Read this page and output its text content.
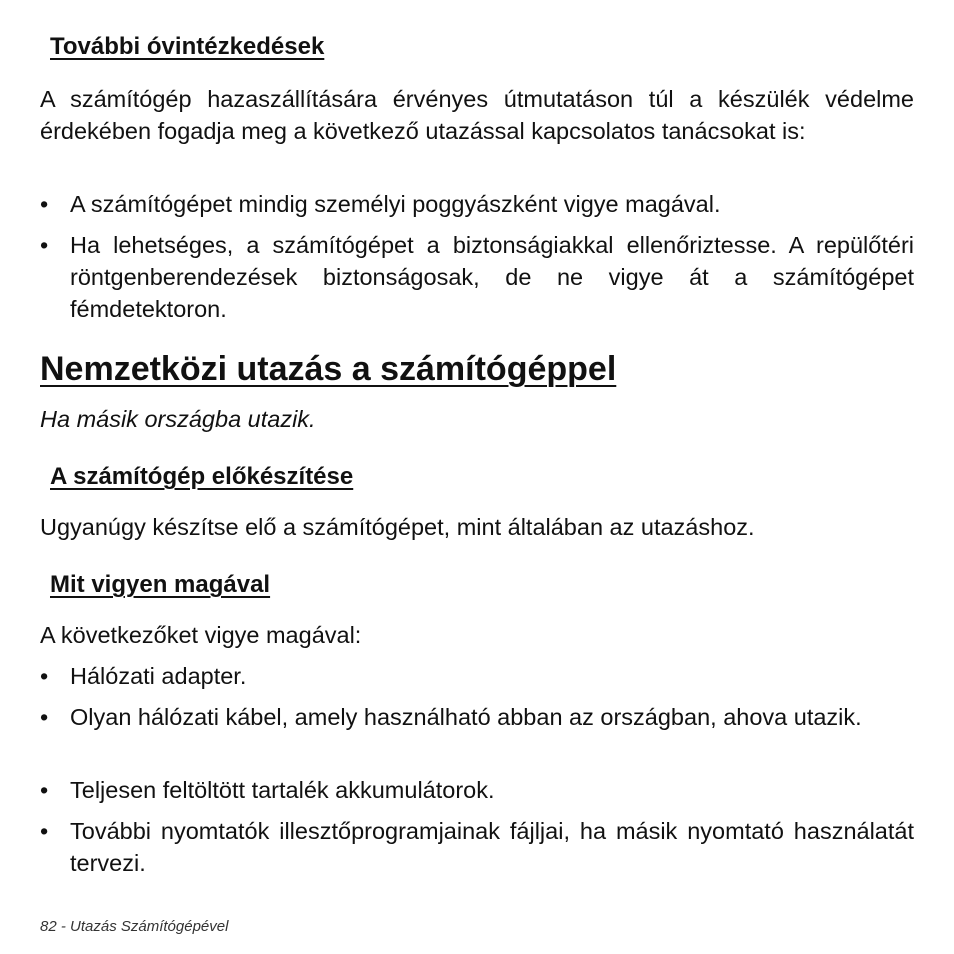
További óvintézkedések

A számítógép hazaszállítására érvényes útmutatáson túl a készülék védelme érdekében fogadja meg a következő utazással kapcsolatos tanácsokat is:

• A számítógépet mindig személyi poggyászként vigye magával.
• Ha lehetséges, a számítógépet a biztonságiakkal ellenőriztesse. A repülőtéri röntgenberendezések biztonságosak, de ne vigye át a számítógépet fémdetektoron.
Nemzetközi utazás a számítógéppel

Ha másik országba utazik.

A számítógép előkészítése

Ugyanúgy készítse elő a számítógépet, mint általában az utazáshoz.

Mit vigyen magával

A következőket vigye magával:

• Hálózati adapter.
• Olyan hálózati kábel, amely használható abban az országban, ahova utazik.
• Teljesen feltöltött tartalék akkumulátorok.
• További nyomtatók illesztőprogramjainak fájljai, ha másik nyomtató használatát tervezi.
82 - Utazás Számítógépével
